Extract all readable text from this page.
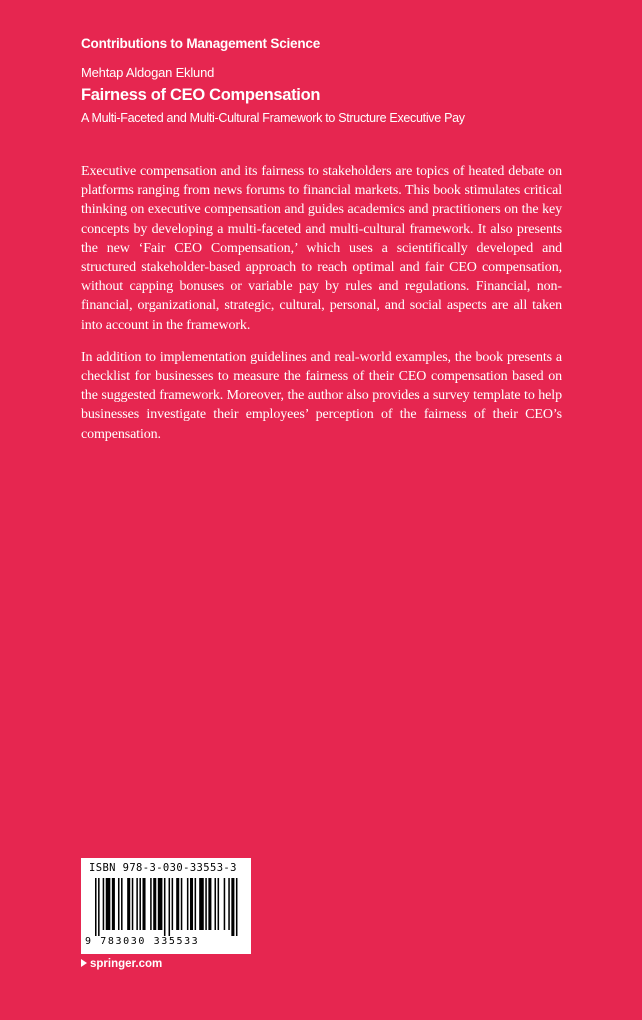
Contributions to Management Science
Mehtap Aldogan Eklund
Fairness of CEO Compensation
A Multi-Faceted and Multi-Cultural Framework to Structure Executive Pay

Executive compensation and its fairness to stakeholders are topics of heated debate on platforms ranging from news forums to financial markets. This book stimulates critical thinking on executive compensation and guides academics and practitioners on the key concepts by developing a multi-faceted and multi-cultural framework. It also presents the new ‘Fair CEO Compensation,’ which uses a scientifically developed and structured stakeholder-based approach to reach optimal and fair CEO compensation, without capping bonuses or variable pay by rules and regulations. Financial, non-financial, organizational, strategic, cultural, personal, and social aspects are all taken into account in the framework.

In addition to implementation guidelines and real-world examples, the book presents a checklist for businesses to measure the fairness of their CEO compensation based on the suggested framework. Moreover, the author also provides a survey template to help businesses investigate their employees’ perception of the fairness of their CEO’s compensation.

ISBN 978-3-030-33553-3
9 783030 335533
springer.com
